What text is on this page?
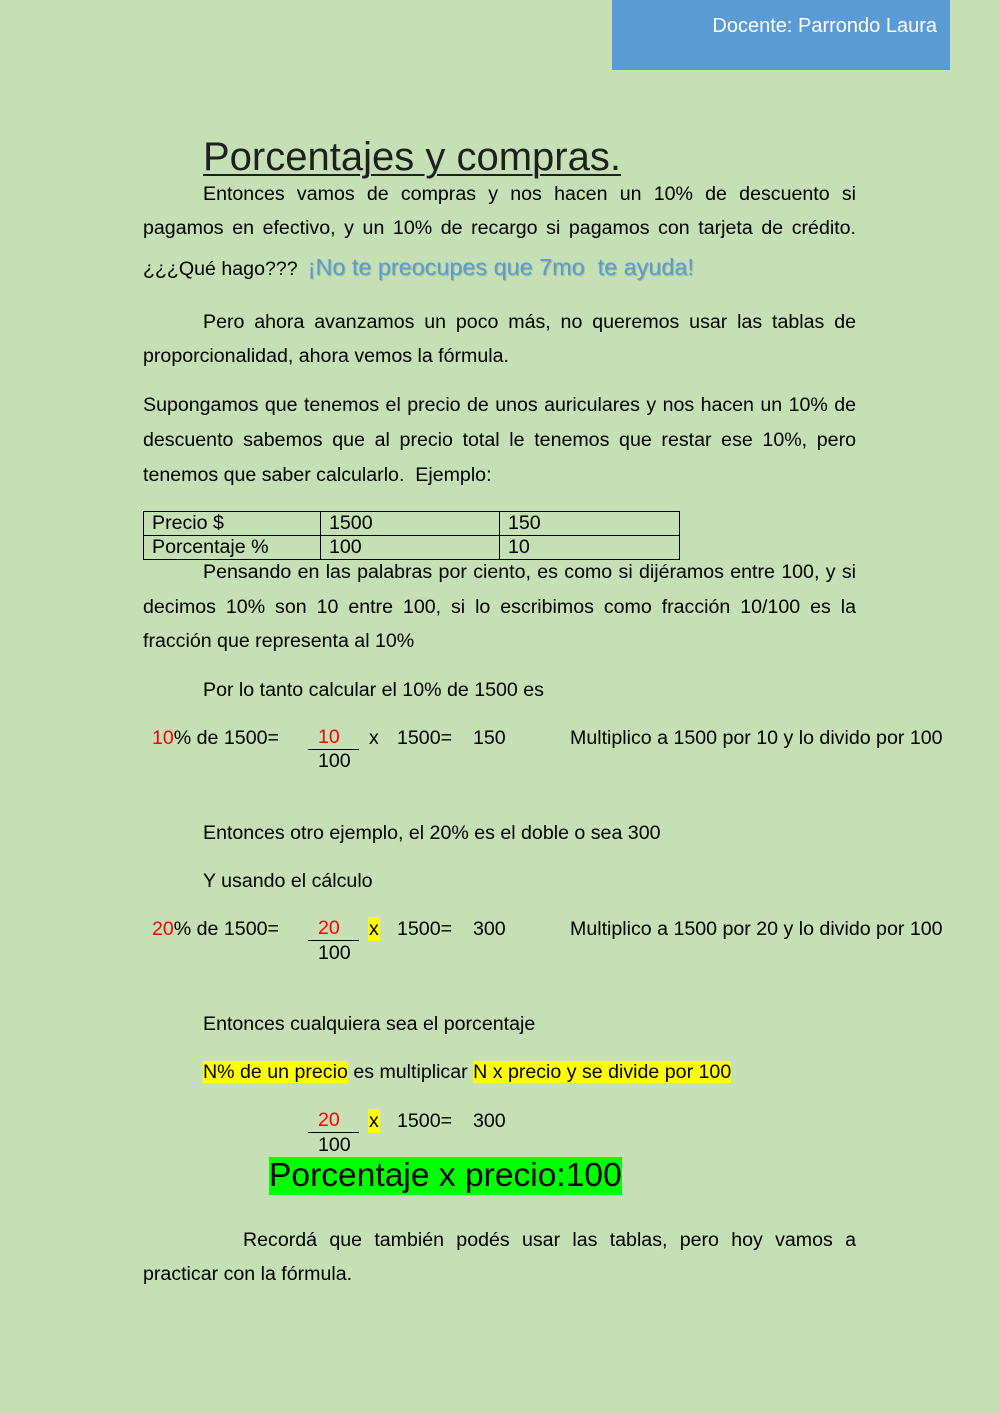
Docente: Parrondo Laura
Porcentajes y compras.
Entonces vamos de compras y nos hacen un 10% de descuento si
pagamos en efectivo, y un 10% de recargo si pagamos con tarjeta de crédito.
¿¿¿Qué hago??? ¡No te preocupes que 7mo  te ayuda!
Pero ahora avanzamos un poco más, no queremos usar las tablas de
proporcionalidad, ahora vemos la fórmula.
Supongamos que tenemos el precio de unos auriculares y nos hacen un 10% de
descuento sabemos que al precio total le tenemos que restar ese 10%, pero
tenemos que saber calcularlo.  Ejemplo:
Precio $	1500	150
Porcentaje %	100	10
Pensando en las palabras por ciento, es como si dijéramos entre 100, y si
decimos 10% son 10 entre 100, si lo escribimos como fracción 10/100 es la
fracción que representa al 10%
Por lo tanto calcular el 10% de 1500 es
10% de 1500=	10
100
x 1500= 150	Multiplico a 1500 por 10 y lo divido por 100
Entonces otro ejemplo, el 20% es el doble o sea 300
Y usando el cálculo
20% de 1500=	20
100
x 1500= 300	Multiplico a 1500 por 20 y lo divido por 100
Entonces cualquiera sea el porcentaje
N% de un precio es multiplicar N x precio y se divide por 100
20
100
x 1500= 300
Porcentaje x precio:100
Recordá que también podés usar las tablas, pero hoy vamos a
practicar con la fórmula.
